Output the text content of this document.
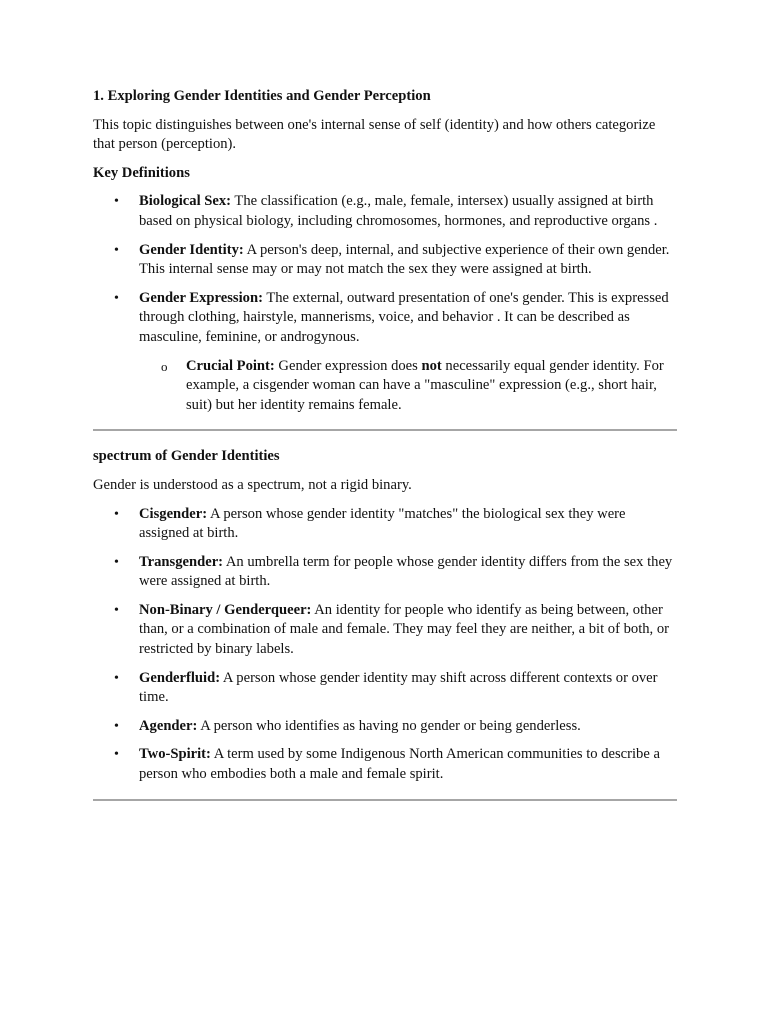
1. Exploring Gender Identities and Gender Perception
This topic distinguishes between one's internal sense of self (identity) and how others categorize that person (perception).
Key Definitions
• Biological Sex: The classification (e.g., male, female, intersex) usually assigned at birth based on physical biology, including chromosomes, hormones, and reproductive organs .
• Gender Identity: A person's deep, internal, and subjective experience of their own gender. This internal sense may or may not match the sex they were assigned at birth.
• Gender Expression: The external, outward presentation of one's gender. This is expressed through clothing, hairstyle, mannerisms, voice, and behavior . It can be described as masculine, feminine, or androgynous.
o Crucial Point: Gender expression does not necessarily equal gender identity. For example, a cisgender woman can have a "masculine" expression (e.g., short hair, suit) but her identity remains female.
spectrum of Gender Identities
Gender is understood as a spectrum, not a rigid binary.
• Cisgender: A person whose gender identity "matches" the biological sex they were assigned at birth.
• Transgender: An umbrella term for people whose gender identity differs from the sex they were assigned at birth.
• Non-Binary / Genderqueer: An identity for people who identify as being between, other than, or a combination of male and female. They may feel they are neither, a bit of both, or restricted by binary labels.
• Genderfluid: A person whose gender identity may shift across different contexts or over time.
• Agender: A person who identifies as having no gender or being genderless.
• Two-Spirit: A term used by some Indigenous North American communities to describe a person who embodies both a male and female spirit.
